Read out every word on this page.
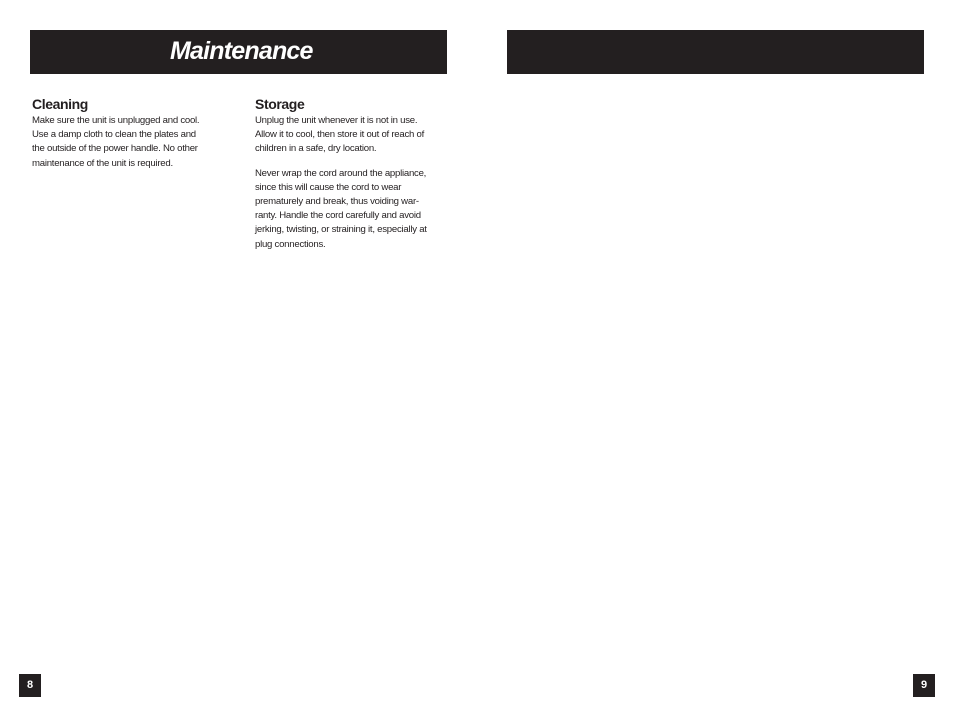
Maintenance
Cleaning

Make sure the unit is unplugged and cool.
Use a damp cloth to clean the plates and
the outside of the power handle. No other
maintenance of the unit is required.

Storage

Unplug the unit whenever it is not in use.
Allow it to cool, then store it out of reach of
children in a safe, dry location.

Never wrap the cord around the appliance,
since this will cause the cord to wear
prematurely and break, thus voiding war-
ranty. Handle the cord carefully and avoid
jerking, twisting, or straining it, especially at
plug connections.

8	9
